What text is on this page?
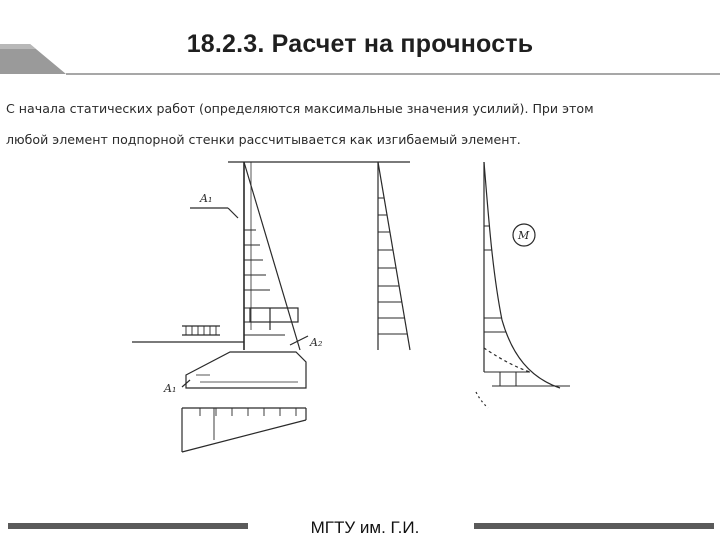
18.2.3. Расчет на прочность
С начала статических работ (определяются максимальные значения усилий). При этом
любой элемент подпорной стенки рассчитывается как изгибаемый элемент.
A₁
A₂
A₁
M
МГТУ им. Г.И.
